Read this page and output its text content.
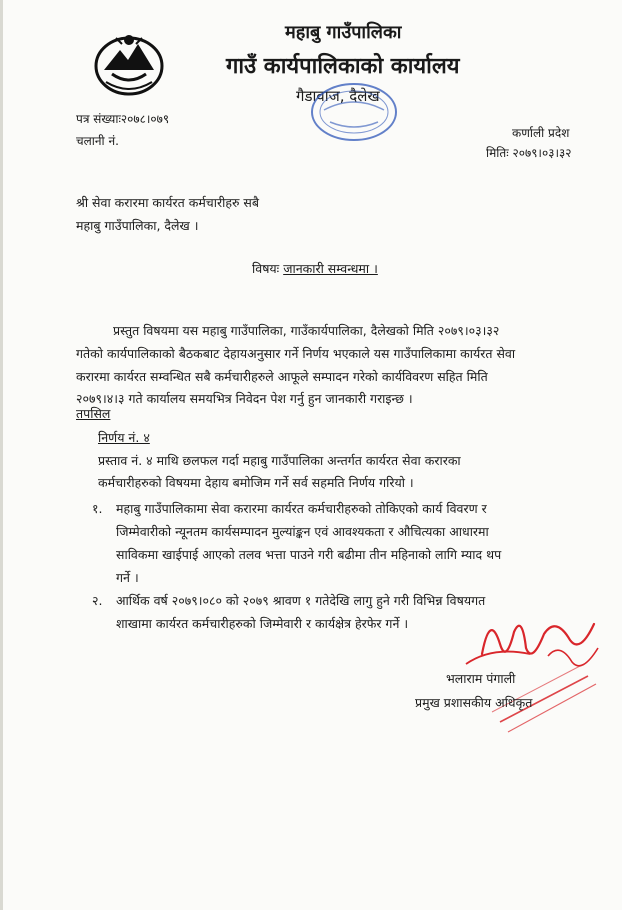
महाबु गाउँपालिका
गाउँ कार्यपालिकाको कार्यालय
गैडावाज, दैलेख
पत्र संख्याः२०७८।०७९
चलानी नं.
कर्णाली प्रदेश
मितिः २०७९।०३।३२
श्री सेवा करारमा कार्यरत कर्मचारीहरु सबै
महाबु गाउँपालिका, दैलेख ।
विषयः जानकारी सम्वन्धमा ।
प्रस्तुत विषयमा यस महाबु गाउँपालिका, गाउँकार्यपालिका, दैलेखको मिति २०७९।०३।३२
गतेको कार्यपालिकाको बैठकबाट देहायअनुसार गर्ने निर्णय भएकाले यस गाउँपालिकामा कार्यरत सेवा
करारमा कार्यरत सम्वन्धित सबै कर्मचारीहरुले आफूले सम्पादन गरेको कार्यविवरण सहित मिति
२०७९।४।३ गते कार्यालय समयभित्र निवेदन पेश गर्नु हुन जानकारी गराइन्छ ।
तपसिल
निर्णय नं. ४
प्रस्ताव नं. ४ माथि छलफल गर्दा महाबु गाउँपालिका अन्तर्गत कार्यरत सेवा करारका
कर्मचारीहरुको विषयमा देहाय बमोजिम गर्ने सर्व सहमति निर्णय गरियो ।
१. महाबु गाउँपालिकामा सेवा करारमा कार्यरत कर्मचारीहरुको तोकिएको कार्य विवरण र
जिम्मेवारीको न्यूनतम कार्यसम्पादन मुल्यांङ्कन एवं आवश्यकता र औचित्यका आधारमा
साविकमा खाईपाई आएको तलव भत्ता पाउने गरी बढीमा तीन महिनाको लागि म्याद थप
गर्ने ।
२. आर्थिक वर्ष २०७९।०८० को २०७९ श्रावण १ गतेदेखि लागु हुने गरी विभिन्न विषयगत
शाखामा कार्यरत कर्मचारीहरुको जिम्मेवारी र कार्यक्षेत्र हेरफेर गर्ने ।
भलाराम पंगाली
प्रमुख प्रशासकीय अधिकृत
